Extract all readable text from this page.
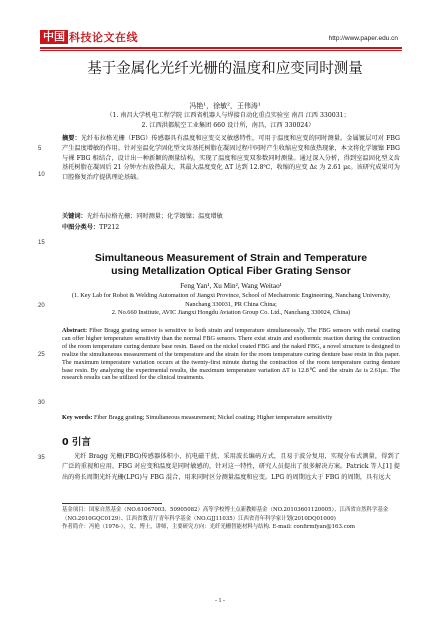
中国 科技论文在线	http://www.paper.edu.cn
5
10
15
20
25
30
35
基于金属化光纤光栅的温度和应变同时测量
冯艳¹，徐敏²，王伟涛¹
（1. 南昌大学机电工程学院 江西省机器人与焊接自动化重点实验室 南昌 江西 330031；
2. 江西洪都航空工业集团 660 设计所，南昌，江西 330024）
摘要：光纤布拉格光栅（FBG）传感器具有温度和应变交叉敏感特性，可用于温度和应变的同时测量。金属镀层可对 FBG 产生温度增敏的作用。针对室温化学固化型文齿基托树脂在凝固过程中同时产生收缩应变和放热现象，本文将化学镀镍 FBG 与裸 FBG 相结合，设计出一种新颖的测量结构，实现了温度和应变双参数同时测量。通过深入分析，得到室温固化型义齿基托树脂在凝固后 21 分钟左右放热最大，其最大温度变化 ΔT 达到 12.8℃，收缩的应变 Δε 为 2.61 με。该研究成果可为口腔修复治疗提供理论基础。
关键词：光纤布拉格光栅；同时测量；化学镀镍；温度增敏
中图分类号：TP212
Simultaneous Measurement of Strain and Temperature
using Metallization Optical Fiber Grating Sensor
Feng Yan¹, Xu Min², Wang Weitao¹
(1. Key Lab for Robot & Welding Automation of Jiangxi Province, School of Mechatronic Engineering, Nanchang University, Nanchang 330031, PR China China;
2. No.660 Institute, AVIC Jiangxi Hongdu Aviation Group Co. Ltd., Nanchang 330024, China)
Abstract: Fiber Bragg grating sensor is sensitive to both strain and temperature simultaneously. The FBG sensors with metal coating can offer higher temperature sensitivity than the normal FBG sensors. There exist strain and exothermic reaction during the contraction of the room temperature curing denture base resin. Based on the nickel coated FBG and the naked FBG, a novel structure is designed to realize the simultaneous measurement of the temperature and the strain for the room temperature curing denture base resin in this paper. The maximum temperature variation occurs at the twenty-first minute during the contraction of the room temperature curing denture base resin. By analyzing the experimental results, the maximum temperature variation ΔT is 12.8℃ and the strain Δε is 2.61με. The research results can be utilized for the clinical treatments.
Key words: Fiber Bragg grating; Simultaneous measurement; Nickel coating; Higher temperature sensitivity
0 引言
光纤 Bragg 光栅(FBG)传感器体积小、抗电磁干扰、采用波长编码方式，且易于波分复用，实现分布式测量，得到了广泛的重视和应用。FBG 对应变和温度是同时敏感的，针对这一特性，研究人员提出了很多解决方案。Patrick 等人[1] 提出的将长周期光纤光栅(LPG)与 FBG 混合，用来同时区分测量温度和应变。LPG 的周期远大于 FBG 的周期，具有远大
基金项目：国家自然基金（NO.61067003、50905082）高等学校博士点新教师基金（NO.20103601120005）、江西省自然科学基金（NO.2010GQC0129）、江西省教育厅青年科学基金（NO.GJJ11035）江西省青年科学家计划(2010DQ01000)
作者简介：冯艳（1976-），女、博士，讲师，主要研究方向：光纤光栅智能材料与结构. E-mail: confirmfyan@163.com
- 1 -
